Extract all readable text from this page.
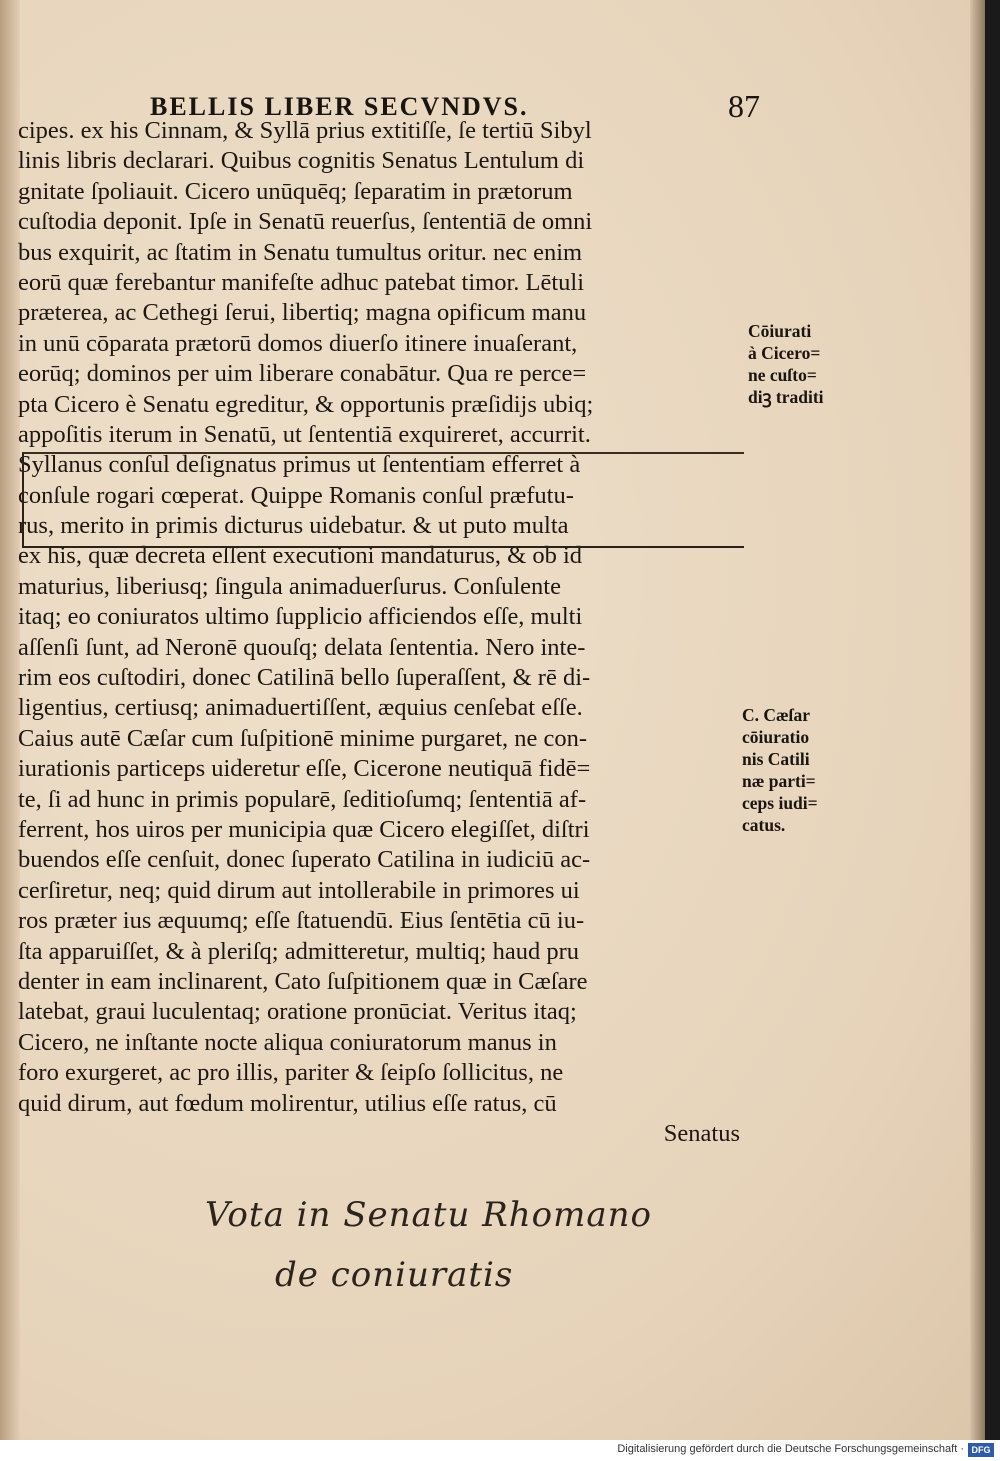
BELLIS LIBER SECVNDVS.	87
cipes. ex his Cinnam, & Syllā prius extitiſſe, ſe tertiū Sibyl
linis libris declarari. Quibus cognitis Senatus Lentulum di
gnitate ſpoliauit. Cicero unūquēq; ſeparatim in prætorum
cuſtodia deponit. Ipſe in Senatū reuerſus, ſententiā de omni
bus exquirit, ac ſtatim in Senatu tumultus oritur. nec enim
eorū quæ ferebantur manifeſte adhuc patebat timor. Lētuli
præterea, ac Cethegi ſerui, libertiq; magna opificum manu
in unū cōparata prætorū domos diuerſo itinere inuaſerant,
eorūq; dominos per uim liberare conabātur. Qua re perce=
pta Cicero è Senatu egreditur, & opportunis præſidijs ubiq;
appoſitis iterum in Senatū, ut ſententiā exquireret, accurrit.
Syllanus conſul deſignatus primus ut ſententiam efferret à
conſule rogari cœperat. Quippe Romanis conſul præfutu-
rus, merito in primis dicturus uidebatur. & ut puto multa
ex his, quæ decreta eſſent executioni mandaturus, & ob id
maturius, liberiusq; ſingula animaduerſurus. Conſulente
itaq; eo coniuratos ultimo ſupplicio afficiendos eſſe, multi
aſſenſi ſunt, ad Neronē quouſq; delata ſententia. Nero inte-
rim eos cuſtodiri, donec Catilinā bello ſuperaſſent, & rē di-
ligentius, certiusq; animaduertiſſent, æquius cenſebat eſſe.
Caius autē Cæſar cum ſuſpitionē minime purgaret, ne con-
iurationis particeps uideretur eſſe, Cicerone neutiquā fidē=
te, ſi ad hunc in primis popularē, ſeditioſumq; ſententiā af-
ferrent, hos uiros per municipia quæ Cicero elegiſſet, diſtri
buendos eſſe cenſuit, donec ſuperato Catilina in iudiciū ac-
cerſiretur, neq; quid dirum aut intollerabile in primores ui
ros præter ius æquumq; eſſe ſtatuendū. Eius ſentētia cū iu-
ſta apparuiſſet, & à pleriſq; admitteretur, multiq; haud pru
denter in eam inclinarent, Cato ſuſpitionem quæ in Cæſare
latebat, graui luculentaq; oratione pronūciat. Veritus itaq;
Cicero, ne inſtante nocte aliqua coniuratorum manus in
foro exurgeret, ac pro illis, pariter & ſeipſo ſollicitus, ne
quid dirum, aut fœdum molirentur, utilius eſſe ratus, cū
Senatus
Cōiurati
à Cicero=
ne cuſto=
diꝫ traditi
C. Cæſar
cōiuratio
nis Catili
næ parti=
ceps iudi=
catus.
Vota in Senatu Rhomano
de coniuratis
Digitalisierung gefördert durch die Deutsche Forschungsgemeinschaft · DFG
